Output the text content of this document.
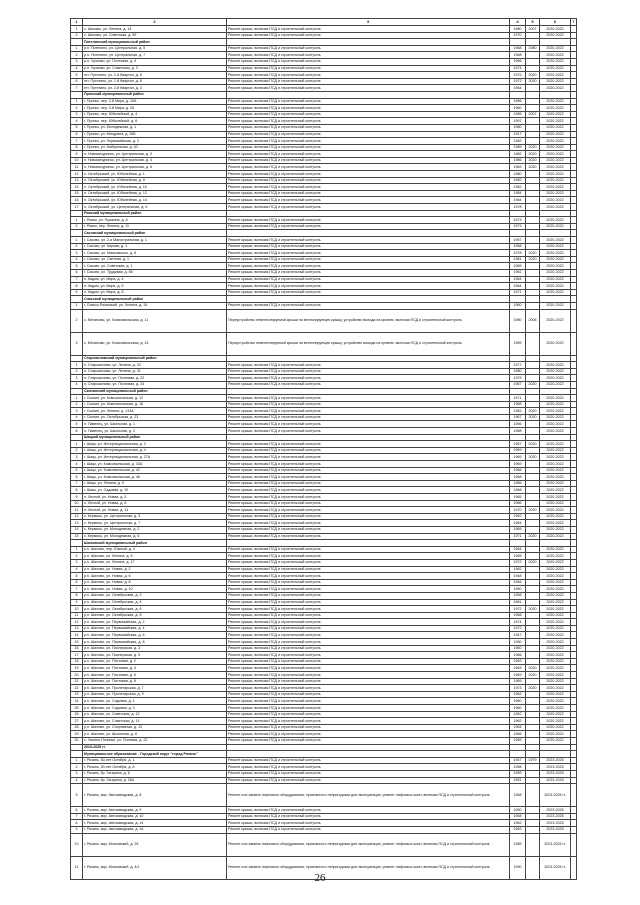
1	2	3	4	5	6	7
1	с. Шилово, ул. Ленина, д. 14	Ремонт крыши, включая ПСД и строительный контроль	1980	2007	2020-2022	
2	с. Шилово, ул. Советская, д. 59	Ремонт крыши, включая ПСД и строительный контроль	1970		2020-2022	
	Пителинский муниципальный район					
1	р.п. Пителино, ул. Центральная, д. 5	Ремонт крыши, включая ПСД и строительный контроль	1968	1980	2020-2022	
2	р.п. Пителино, ул. Центральная, д. 7	Ремонт крыши, включая ПСД и строительный контроль	1968		2020-2022	
3	р.п. Чучково, ул. Почтовая, д. 4	Ремонт крыши, включая ПСД и строительный контроль	1966		2020-2022	
4	р.п. Чучково, ул. Советская, д. 3	Ремонт крыши, включая ПСД и строительный контроль	1974		2020-2022	
5	пгт. Путятино, ул. 1-й Квартал, д. 5	Ремонт крыши, включая ПСД и строительный контроль	1972	2020	2020-2022	
6	пгт. Путятино, ул. 1-й Квартал, д. 6	Ремонт крыши, включая ПСД и строительный контроль	1972	2020	2020-2022	
7	пгт. Путятино, ул. 2-й Квартал, д. 3	Ремонт крыши, включая ПСД и строительный контроль	1964		2020-2022	
	Пронский муниципальный район					
1	г. Пронск, пер. 2-й Мира, д. 10А	Ремонт крыши, включая ПСД и строительный контроль	1986		2020-2022	
2	г. Пронск, пер. 2-й Мира, д. 26	Ремонт крыши, включая ПСД и строительный контроль	1960		2020-2022	
3	г. Пронск, пер. Юбилейный, д. 4	Ремонт крыши, включая ПСД и строительный контроль	1985	2007	2020-2022	
4	г. Пронск, пер. Юбилейный, д. 6	Ремонт крыши, включая ПСД и строительный контроль	1997		2020-2022	
5	г. Пронск, ул. Молодежная, д. 1	Ремонт крыши, включая ПСД и строительный контроль	1980		2020-2022	
6	г. Пронск, ул. Мичурина, д. 35Б	Ремонт крыши, включая ПСД и строительный контроль	1917		2020-2022	
7	г. Пронск, ул. Первомайская, д. 2	Ремонт крыши, включая ПСД и строительный контроль	1982		2020-2022	
8	г. Пронск, ул. Набережная, д. 40	Ремонт крыши, включая ПСД и строительный контроль	1989	2020	2020-2022	
9	п. Новомичуринск, ул. Центральная, д. 3	Ремонт крыши, включая ПСД и строительный контроль	1982	2020	2020-2022	
10	п. Новомичуринск, ул. Центральная, д. 4	Ремонт крыши, включая ПСД и строительный контроль	1986	2020	2020-2022	
11	п. Новомичуринск, ул. Центральная, д. 6	Ремонт крыши, включая ПСД и строительный контроль	1983	2020	2020-2022	
12	с. Октябрьский, ул. Юбилейная, д. 1	Ремонт крыши, включая ПСД и строительный контроль	1980		2020-2022	
13	п. Октябрьский, ул. Юбилейная, д. 8	Ремонт крыши, включая ПСД и строительный контроль	1982		2020-2022	
14	п. Октябрьский, ул. Юбилейная, д. 10	Ремонт крыши, включая ПСД и строительный контроль	1982		2020-2022	
15	п. Октябрьский, ул. Юбилейная, д. 12	Ремонт крыши, включая ПСД и строительный контроль	1984		2020-2022	
16	п. Октябрьский, ул. Юбилейная, д. 14	Ремонт крыши, включая ПСД и строительный контроль	1984		2020-2022	
17	п. Октябрьский, ул. Центральная, д. 9	Ремонт крыши, включая ПСД и строительный контроль	1978		2020-2022	
	Ряжский муниципальный район					
1	г. Ряжск, ул. Пушкина, д. 6	Ремонт крыши, включая ПСД и строительный контроль	1973		2020-2022	
2	г. Ряжск, пер. Ленина, д. 11	Ремонт крыши, включая ПСД и строительный контроль	1973		2020-2022	
	Сасовский муниципальный район					
1	г. Сасово, ул. 2-я Магистральная, д. 1	Ремонт крыши, включая ПСД и строительный контроль	1957		2020-2022	
2	г. Сасово, ул. Кирова, д. 1	Ремонт крыши, включая ПСД и строительный контроль	1958		2020-2022	
3	г. Сасово, ул. Маяковского, д. 6	Ремонт крыши, включая ПСД и строительный контроль	1978	2020	2020-2022	
4	г. Сасово, ул. Светлая, д. 1	Ремонт крыши, включая ПСД и строительный контроль	1981	2020	2020-2022	
5	г. Сасово, ул. Советская, д. 1	Ремонт крыши, включая ПСД и строительный контроль	1965		2020-2022	
6	г. Сасово, ул. Трудовая, д. 56	Ремонт крыши, включая ПСД и строительный контроль	1961		2020-2022	
7	п. Кадом, ул. Мира, д. 4	Ремонт крыши, включая ПСД и строительный контроль	1964		2020-2022	
8	п. Кадом, ул. Мира, д. 5	Ремонт крыши, включая ПСД и строительный контроль	1964		2020-2022	
9	п. Кадом, ул. Мира, д. 8	Ремонт крыши, включая ПСД и строительный контроль	1971		2020-2022	
	Спасский муниципальный район					
1	г. Спасск-Рязанский, ул. Ленина, д. 15	Ремонт крыши, включая ПСД и строительный контроль	1960		2020-2022	
2	с. Мелихово, ул. Комсомольская, д. 11	Переустройство невентилируемой крыши на вентилируемую крышу, устройство выхода на кровлю, включая ПСД и строительный контроль	1980	2006	2020-2022	
3	с. Мелихово, ул. Комсомольская, д. 24	Переустройство невентилируемой крыши на вентилируемую крышу, устройство выхода на кровлю, включая ПСД и строительный контроль	1989		2020-2022	
	Старожиловский муниципальный район					
1	п. Старожилово, ул. Ленина, д. 33	Ремонт крыши, включая ПСД и строительный контроль	1977		2020-2022	
2	п. Старожилово, ул. Ленина, д. 31	Ремонт крыши, включая ПСД и строительный контроль	1980		2020-2022	
3	п. Старожилово, ул. Почтовая, д. 22	Ремонт крыши, включая ПСД и строительный контроль	1975		2020-2022	
4	п. Старожилово, ул. Почтовая, д. 24	Ремонт крыши, включая ПСД и строительный контроль	1967	2020	2020-2022	
	Скопинский муниципальный район					
1	г. Скопин, ул. Комсомольская, д. 12	Ремонт крыши, включая ПСД и строительный контроль	1971		2020-2022	
2	г. Скопин, ул. Комсомольская, д. 16	Ремонт крыши, включая ПСД и строительный контроль	1968		2020-2022	
3	г. Скопин, ул. Ленина, д. 133А	Ремонт крыши, включая ПСД и строительный контроль	1982	2020	2020-2022	
4	г. Скопин, ул. Октябрьская, д. 23	Ремонт крыши, включая ПСД и строительный контроль	1967	2020	2020-2022	
5	п. Павелец, ул. Школьная, д. 1	Ремонт крыши, включая ПСД и строительный контроль	1956		2020-2022	
6	п. Павелец, ул. Школьная, д. 3	Ремонт крыши, включая ПСД и строительный контроль	1958		2020-2022	
	Шацкий муниципальный район					
1	г. Шацк, ул. Интернациональная, д. 2	Ремонт крыши, включая ПСД и строительный контроль	1967	2020	2020-2022	
2	г. Шацк, ул. Интернациональная, д. 4	Ремонт крыши, включая ПСД и строительный контроль	1969		2020-2022	
3	г. Шацк, ул. Интернациональная, д. 27А	Ремонт крыши, включая ПСД и строительный контроль	1969	2020	2020-2022	
4	г. Шацк, ул. Комсомольская, д. 33А	Ремонт крыши, включая ПСД и строительный контроль	1969		2020-2022	
5	г. Шацк, ул. Комсомольская, д. 42	Ремонт крыши, включая ПСД и строительный контроль	1966		2020-2022	
6	г. Шацк, ул. Комсомольская, д. 46	Ремонт крыши, включая ПСД и строительный контроль	1968		2020-2022	
7	г. Шацк, ул. Ленина, д. 9	Ремонт крыши, включая ПСД и строительный контроль	1966		2020-2022	
8	г. Шацк, ул. Садовая, д. 10	Ремонт крыши, включая ПСД и строительный контроль	1968		2020-2022	
9	п. Лесной, ул. Новая, д. 5	Ремонт крыши, включая ПСД и строительный контроль	1965		2020-2022	
10	п. Лесной, ул. Новая, д. 8	Ремонт крыши, включая ПСД и строительный контроль	1966		2020-2022	
11	п. Лесной, ул. Новая, д. 11	Ремонт крыши, включая ПСД и строительный контроль	1970	2020	2020-2022	
12	с. Кермись, ул. Центральная, д. 3	Ремонт крыши, включая ПСД и строительный контроль	1962		2020-2022	
13	с. Кермись, ул. Центральная, д. 7	Ремонт крыши, включая ПСД и строительный контроль	1964		2020-2022	
14	с. Кермись, ул. Молодежная, д. 2	Ремонт крыши, включая ПСД и строительный контроль	1965		2020-2022	
15	с. Кермись, ул. Молодежная, д. 6	Ремонт крыши, включая ПСД и строительный контроль	1971	2020	2020-2022	
	Шиловский муниципальный район					
1	р.п. Шилово, пер. Южный, д. 4	Ремонт крыши, включая ПСД и строительный контроль	1964		2020-2022	
2	р.п. Шилово, ул. Ленина, д. 5	Ремонт крыши, включая ПСД и строительный контроль	1965		2020-2022	
3	р.п. Шилово, ул. Ленина, д. 17	Ремонт крыши, включая ПСД и строительный контроль	1972	2020	2020-2022	
4	р.п. Шилово, ул. Новая, д. 2	Ремонт крыши, включая ПСД и строительный контроль	1962		2020-2022	
5	р.п. Шилово, ул. Новая, д. 6	Ремонт крыши, включая ПСД и строительный контроль	1948		2020-2022	
6	р.п. Шилово, ул. Новая, д. 8	Ремонт крыши, включая ПСД и строительный контроль	1946		2020-2022	
7	р.п. Шилово, ул. Новая, д. 10	Ремонт крыши, включая ПСД и строительный контроль	1950		2020-2022	
8	р.п. Шилово, ул. Октябрьская, д. 2	Ремонт крыши, включая ПСД и строительный контроль	1958		2020-2022	
9	р.п. Шилово, ул. Октябрьская, д. 4	Ремонт крыши, включая ПСД и строительный контроль	1961		2020-2022	
10	р.п. Шилово, ул. Октябрьская, д. 6	Ремонт крыши, включая ПСД и строительный контроль	1972	2020	2020-2022	
11	р.п. Шилово, ул. Октябрьская, д. 8	Ремонт крыши, включая ПСД и строительный контроль	1968		2020-2022	
12	р.п. Шилово, ул. Первомайская, д. 2	Ремонт крыши, включая ПСД и строительный контроль	1974		2020-2022	
13	р.п. Шилово, ул. Первомайская, д. 4	Ремонт крыши, включая ПСД и строительный контроль	1972		2020-2022	
14	р.п. Шилово, ул. Первомайская, д. 6	Ремонт крыши, включая ПСД и строительный контроль	1947		2020-2022	
15	р.п. Шилово, ул. Первомайская, д. 8	Ремонт крыши, включая ПСД и строительный контроль	1930		2020-2022	
16	р.п. Шилово, ул. Пионерская, д. 3	Ремонт крыши, включая ПСД и строительный контроль	1960		2020-2022	
17	р.п. Шилово, ул. Пионерская, д. 5	Ремонт крыши, включая ПСД и строительный контроль	1966		2020-2022	
18	р.п. Шилово, ул. Почтовая, д. 2	Ремонт крыши, включая ПСД и строительный контроль	1963		2020-2022	
19	р.п. Шилово, ул. Почтовая, д. 4	Ремонт крыши, включая ПСД и строительный контроль	1963	2020	2020-2022	
20	р.п. Шилово, ул. Почтовая, д. 6	Ремонт крыши, включая ПСД и строительный контроль	1969	2020	2020-2022	
21	р.п. Шилово, ул. Почтовая, д. 8	Ремонт крыши, включая ПСД и строительный контроль	1969		2020-2022	
22	р.п. Шилово, ул. Пролетарская, д. 7	Ремонт крыши, включая ПСД и строительный контроль	1973	2020	2020-2022	
23	р.п. Шилово, ул. Пролетарская, д. 9	Ремонт крыши, включая ПСД и строительный контроль	1962		2020-2022	
24	р.п. Шилово, ул. Садовая, д. 1	Ремонт крыши, включая ПСД и строительный контроль	1960		2020-2022	
25	р.п. Шилово, ул. Садовая, д. 3	Ремонт крыши, включая ПСД и строительный контроль	1960		2020-2022	
26	р.п. Шилово, ул. Советская, д. 12	Ремонт крыши, включая ПСД и строительный контроль	1962		2020-2022	
27	р.п. Шилово, ул. Советская, д. 14	Ремонт крыши, включая ПСД и строительный контроль	1962		2020-2022	
28	р.п. Шилово, ул. Спортивная, д. 10	Ремонт крыши, включая ПСД и строительный контроль	1964		2020-2022	
29	р.п. Шилово, ул. Школьная, д. 8	Ремонт крыши, включая ПСД и строительный контроль	1966		2020-2022	
30	с. Занино-Починки, ул. Полевая, д. 22	Ремонт крыши, включая ПСД и строительный контроль	1969		2020-2022	
	2023-2025 гг.					
	Муниципальное образование - Городской округ "город Рязань"					
1	г. Рязань, 50-лет Октября, д. 1	Ремонт крыши, включая ПСД и строительный контроль	1947	1979	2023-2025	
2	г. Рязань, 50-лет Октября, д. 8	Ремонт крыши, включая ПСД и строительный контроль	1958		2023-2025	
3	г. Рязань, бр. Гагарина, д. 6	Ремонт крыши, включая ПСД и строительный контроль	1959		2023-2025	
4	г. Рязань, бр. Гагарина, д. 26А	Ремонт крыши, включая ПСД и строительный контроль	1951		2023-2025	
5	г. Рязань, мкр. Автозаводская, д. 8	Ремонт или замена лифтового оборудования, признанного непригодным для эксплуатации, ремонт лифтовых шахт, включая ПСД и строительный контроль	1968		2023-2025 гг.	
6	г. Рязань, мкр. Автозаводская, д. 9	Ремонт крыши, включая ПСД и строительный контроль	1990		2023-2025	
7	г. Рязань, мкр. Автозаводская, д. 10	Ремонт крыши, включая ПСД и строительный контроль	1958		2023-2025	
8	г. Рязань, мкр. Автозаводская, д. 14	Ремонт крыши, включая ПСД и строительный контроль	1962		2023-2025	
9	г. Рязань, мкр. Автозаводская, д. 16	Ремонт крыши, включая ПСД и строительный контроль	1963		2023-2025	
10	г. Рязань, мкр. Московский, д. 25	Ремонт или замена лифтового оборудования, признанного непригодным для эксплуатации, ремонт лифтовых шахт, включая ПСД и строительный контроль	1989		2023-2025 гг.	
11	г. Рязань, мкр. Московский, д. 4/1	Ремонт или замена лифтового оборудования, признанного непригодным для эксплуатации, ремонт лифтовых шахт, включая ПСД и строительный контроль	1990		2023-2025 гг.	
26
